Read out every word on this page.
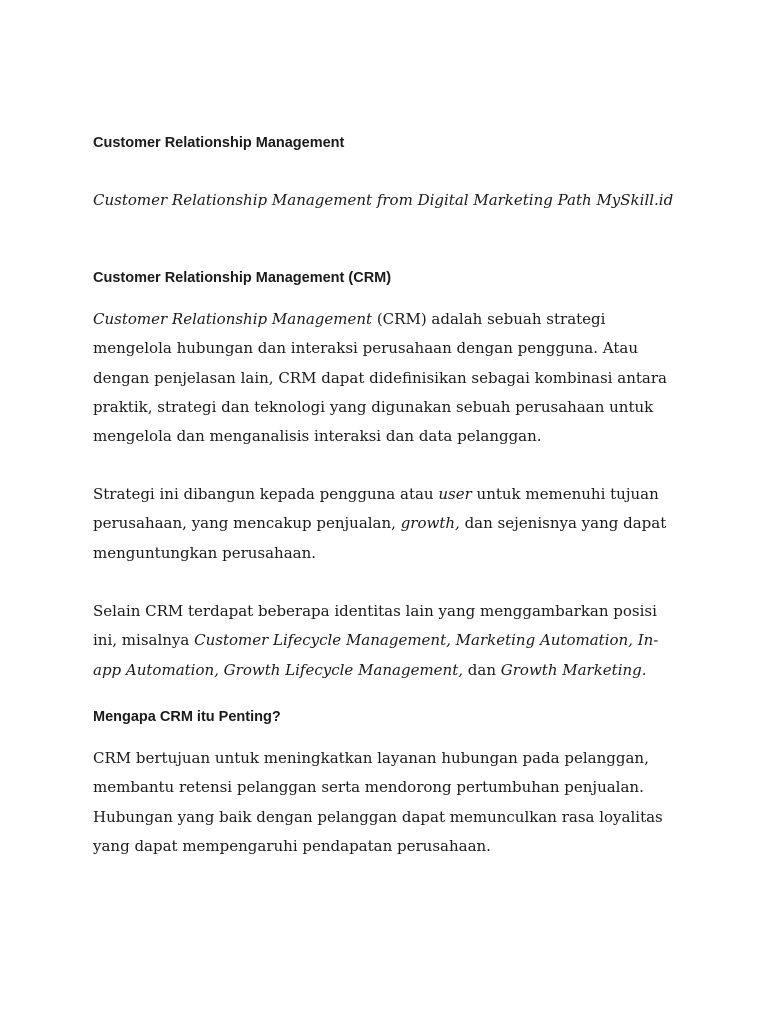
Customer Relationship Management

Customer Relationship Management from Digital Marketing Path MySkill.id

Customer Relationship Management (CRM)

Customer Relationship Management (CRM) adalah sebuah strategi mengelola hubungan dan interaksi perusahaan dengan pengguna. Atau dengan penjelasan lain, CRM dapat didefinisikan sebagai kombinasi antara praktik, strategi dan teknologi yang digunakan sebuah perusahaan untuk mengelola dan menganalisis interaksi dan data pelanggan.

Strategi ini dibangun kepada pengguna atau user untuk memenuhi tujuan perusahaan, yang mencakup penjualan, growth, dan sejenisnya yang dapat menguntungkan perusahaan.

Selain CRM terdapat beberapa identitas lain yang menggambarkan posisi ini, misalnya Customer Lifecycle Management, Marketing Automation, In-app Automation, Growth Lifecycle Management, dan Growth Marketing.

Mengapa CRM itu Penting?

CRM bertujuan untuk meningkatkan layanan hubungan pada pelanggan, membantu retensi pelanggan serta mendorong pertumbuhan penjualan. Hubungan yang baik dengan pelanggan dapat memunculkan rasa loyalitas yang dapat mempengaruhi pendapatan perusahaan.
